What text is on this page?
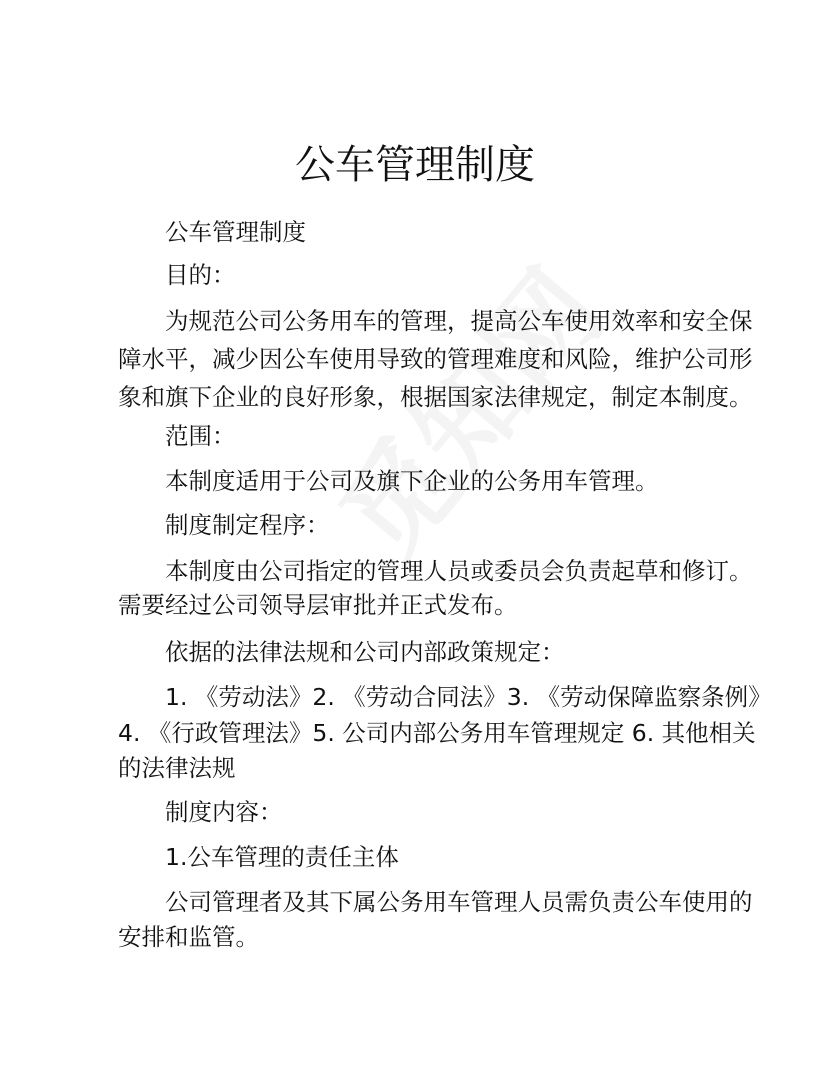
公车管理制度
公车管理制度
目的：
为规范公司公务用车的管理，提高公车使用效率和安全保
障水平，减少因公车使用导致的管理难度和风险，维护公司形
象和旗下企业的良好形象，根据国家法律规定，制定本制度。
范围：
本制度适用于公司及旗下企业的公务用车管理。
制度制定程序：
本制度由公司指定的管理人员或委员会负责起草和修订。
需要经过公司领导层审批并正式发布。
依据的法律法规和公司内部政策规定：
1. 《劳动法》2. 《劳动合同法》3. 《劳动保障监察条例》
4. 《行政管理法》5. 公司内部公务用车管理规定 6. 其他相关
的法律法规
制度内容：
1.公车管理的责任主体
公司管理者及其下属公务用车管理人员需负责公车使用的
安排和监管。
